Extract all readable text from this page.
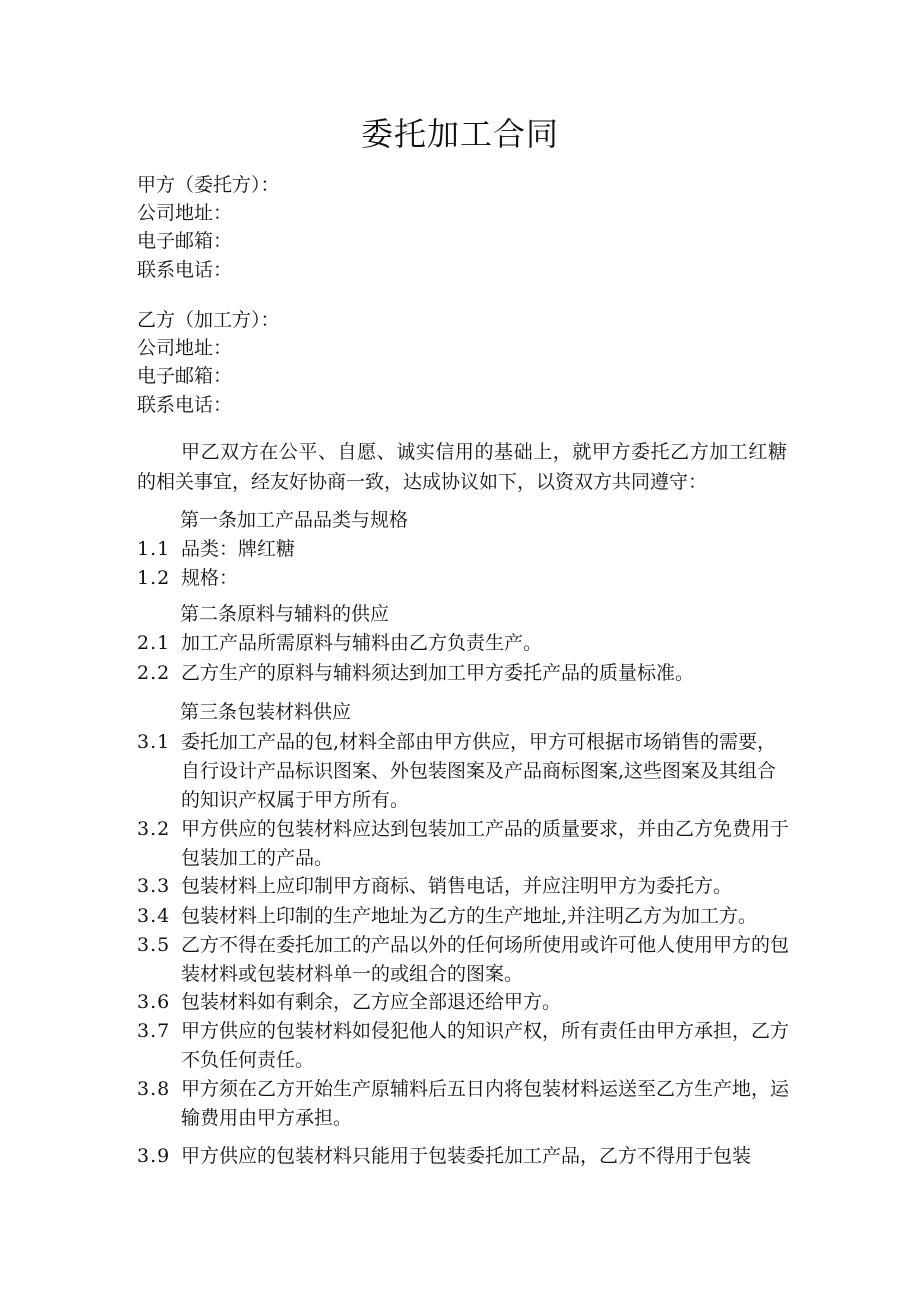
委托加工合同
甲方（委托方）：
公司地址：
电子邮箱：
联系电话：
乙方（加工方）：
公司地址：
电子邮箱：
联系电话：
甲乙双方在公平、自愿、诚实信用的基础上，就甲方委托乙方加工红糖的相关事宜，经友好协商一致，达成协议如下，以资双方共同遵守：
第一条加工产品品类与规格
1.1 品类：牌红糖
1.2 规格：
第二条原料与辅料的供应
2.1 加工产品所需原料与辅料由乙方负责生产。
2.2 乙方生产的原料与辅料须达到加工甲方委托产品的质量标准。
第三条包装材料供应
3.1 委托加工产品的包,材料全部由甲方供应，甲方可根据市场销售的需要，自行设计产品标识图案、外包装图案及产品商标图案,这些图案及其组合的知识产权属于甲方所有。
3.2 甲方供应的包装材料应达到包装加工产品的质量要求，并由乙方免费用于包装加工的产品。
3.3 包装材料上应印制甲方商标、销售电话，并应注明甲方为委托方。
3.4 包装材料上印制的生产地址为乙方的生产地址,并注明乙方为加工方。
3.5 乙方不得在委托加工的产品以外的任何场所使用或许可他人使用甲方的包装材料或包装材料单一的或组合的图案。
3.6 包装材料如有剩余，乙方应全部退还给甲方。
3.7 甲方供应的包装材料如侵犯他人的知识产权，所有责任由甲方承担，乙方不负任何责任。
3.8 甲方须在乙方开始生产原辅料后五日内将包装材料运送至乙方生产地，运输费用由甲方承担。
3.9 甲方供应的包装材料只能用于包装委托加工产品，乙方不得用于包装
